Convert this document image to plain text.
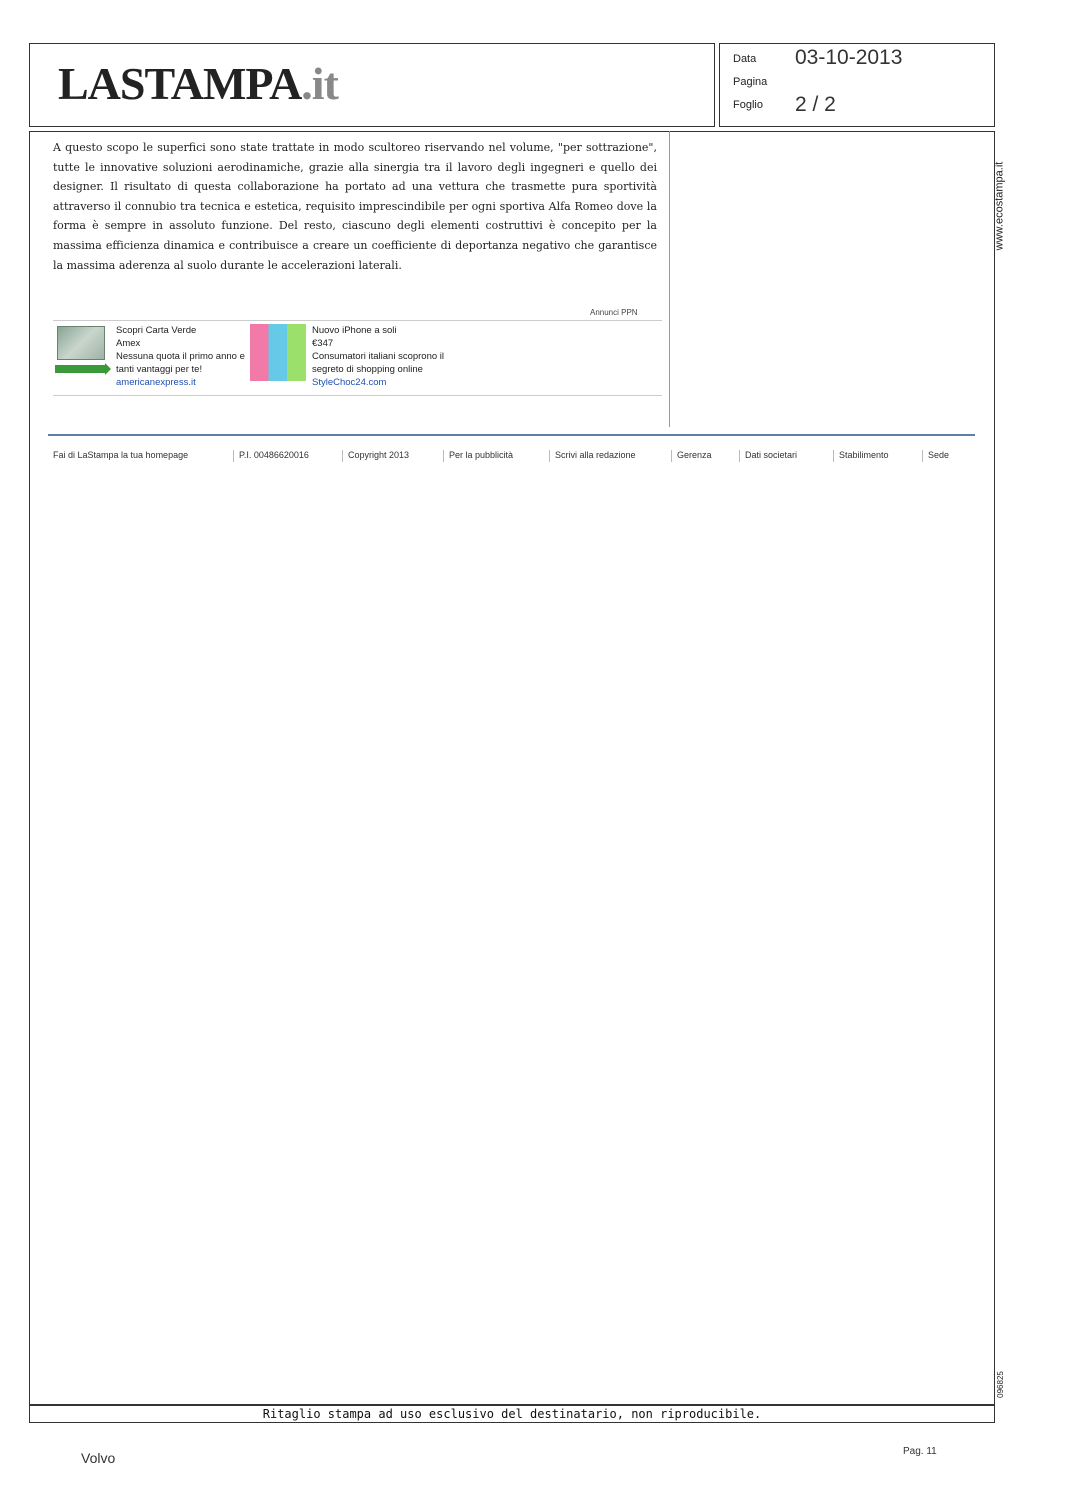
LASTAMPA.it	Data 03-10-2013
Pagina
Foglio 2 / 2

A questo scopo le superfici sono state trattate in modo scultoreo riservando nel volume, "per sottrazione", tutte le innovative soluzioni aerodinamiche, grazie alla sinergia tra il lavoro degli ingegneri e quello dei designer. Il risultato di questa collaborazione ha portato ad una vettura che trasmette pura sportività attraverso il connubio tra tecnica e estetica, requisito imprescindibile per ogni sportiva Alfa Romeo dove la forma è sempre in assoluto funzione. Del resto, ciascuno degli elementi costruttivi è concepito per la massima efficienza dinamica e contribuisce a creare un coefficiente di deportanza negativo che garantisce la massima aderenza al suolo durante le accelerazioni laterali.

Annunci PPN
Scopri Carta Verde
Amex
Nessuna quota il primo anno e tanti vantaggi per te!
americanexpress.it
Nuovo iPhone a soli
€347
Consumatori italiani scoprono il segreto di shopping online
StyleChoc24.com
Fai di LaStampa la tua homepage	P.I. 00486620016	Copyright 2013	Per la pubblicità	Scrivi alla redazione	Gerenza	Dati societari	Stabilimento	Sede
www.ecostampa.it
096825
Ritaglio stampa ad uso esclusivo del destinatario, non riproducibile.
Volvo	Pag. 11
